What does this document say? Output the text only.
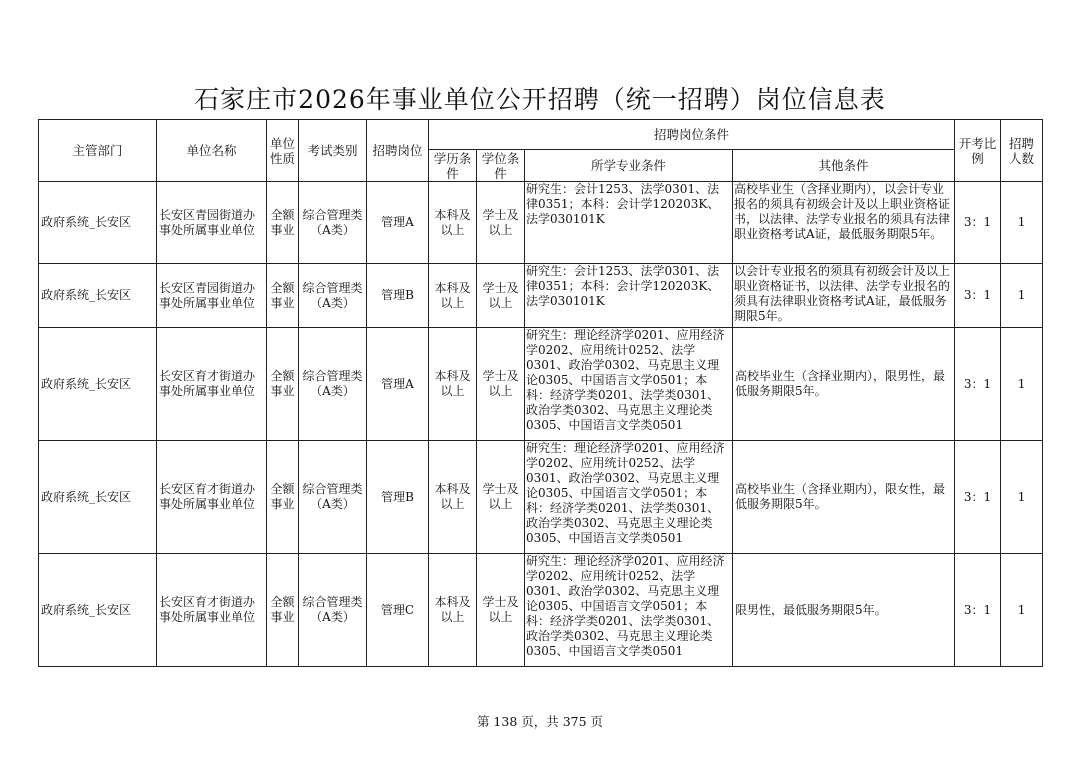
石家庄市2026年事业单位公开招聘（统一招聘）岗位信息表
主管部门	单位名称	单位性质	考试类别	招聘岗位	招聘岗位条件				开考比例	招聘人数
					学历条件	学位条件	所学专业条件	其他条件		
政府系统_长安区	长安区青园街道办事处所属事业单位	全额事业	综合管理类（A类）	管理A	本科及以上	学士及以上	研究生：会计1253、法学0301、法律0351；本科：会计学120203K、法学030101K	高校毕业生（含择业期内），以会计专业报名的须具有初级会计及以上职业资格证书，以法律、法学专业报名的须具有法律职业资格考试A证，最低服务期限5年。	3：1	1
政府系统_长安区	长安区青园街道办事处所属事业单位	全额事业	综合管理类（A类）	管理B	本科及以上	学士及以上	研究生：会计1253、法学0301、法律0351；本科：会计学120203K、法学030101K	以会计专业报名的须具有初级会计及以上职业资格证书，以法律、法学专业报名的须具有法律职业资格考试A证，最低服务期限5年。	3：1	1
政府系统_长安区	长安区育才街道办事处所属事业单位	全额事业	综合管理类（A类）	管理A	本科及以上	学士及以上	研究生：理论经济学0201、应用经济学0202、应用统计0252、法学0301、政治学0302、马克思主义理论0305、中国语言文学0501；本科：经济学类0201、法学类0301、政治学类0302、马克思主义理论类0305、中国语言文学类0501	高校毕业生（含择业期内），限男性，最低服务期限5年。	3：1	1
政府系统_长安区	长安区育才街道办事处所属事业单位	全额事业	综合管理类（A类）	管理B	本科及以上	学士及以上	研究生：理论经济学0201、应用经济学0202、应用统计0252、法学0301、政治学0302、马克思主义理论0305、中国语言文学0501；本科：经济学类0201、法学类0301、政治学类0302、马克思主义理论类0305、中国语言文学类0501	高校毕业生（含择业期内），限女性，最低服务期限5年。	3：1	1
政府系统_长安区	长安区育才街道办事处所属事业单位	全额事业	综合管理类（A类）	管理C	本科及以上	学士及以上	研究生：理论经济学0201、应用经济学0202、应用统计0252、法学0301、政治学0302、马克思主义理论0305、中国语言文学0501；本科：经济学类0201、法学类0301、政治学类0302、马克思主义理论类0305、中国语言文学类0501	限男性，最低服务期限5年。	3：1	1
第 138 页，共 375 页
